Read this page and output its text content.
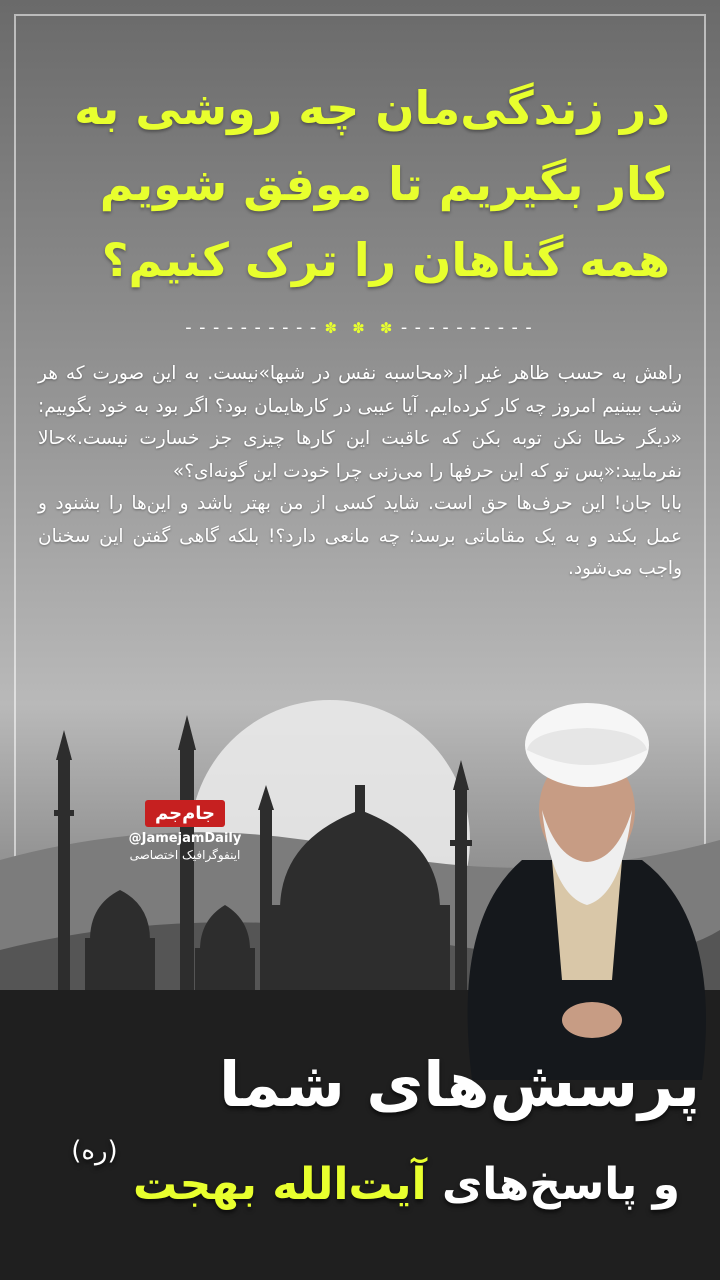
در زندگی‌مان چه روشی به
کار بگیریم تا موفق شویم
همه گناهان را ترک کنیم؟
---------- ✽ ✽ ✽ ----------

راهش به حسب ظاهر غیر از«محاسبه نفس در شبها»نیست. به این صورت که هر شب ببینیم امروز چه کار کرده‌ایم. آیا عیبی در کارهایمان بود؟ اگر بود به خود بگوییم: «دیگر خطا نکن توبه بکن که عاقبت این کارها چیزی جز خسارت نیست.»حالا نفرمایید:«پس تو که این حرفها را می‌زنی چرا خودت این گونه‌ای؟»

بابا جان! این حرف‌ها حق است. شاید کسی از من بهتر باشد و این‌ها را بشنود و عمل بکند و به یک مقاماتی برسد؛ چه مانعی دارد؟! بلکه گاهی گفتن این سخنان واجب می‌شود.

جام‌جم
@JamejamDaily
اینفوگرافیک اختصاصی
پرسش‌های شما
و پاسخ‌های آیت‌الله بهجت $^{(ره)}$
